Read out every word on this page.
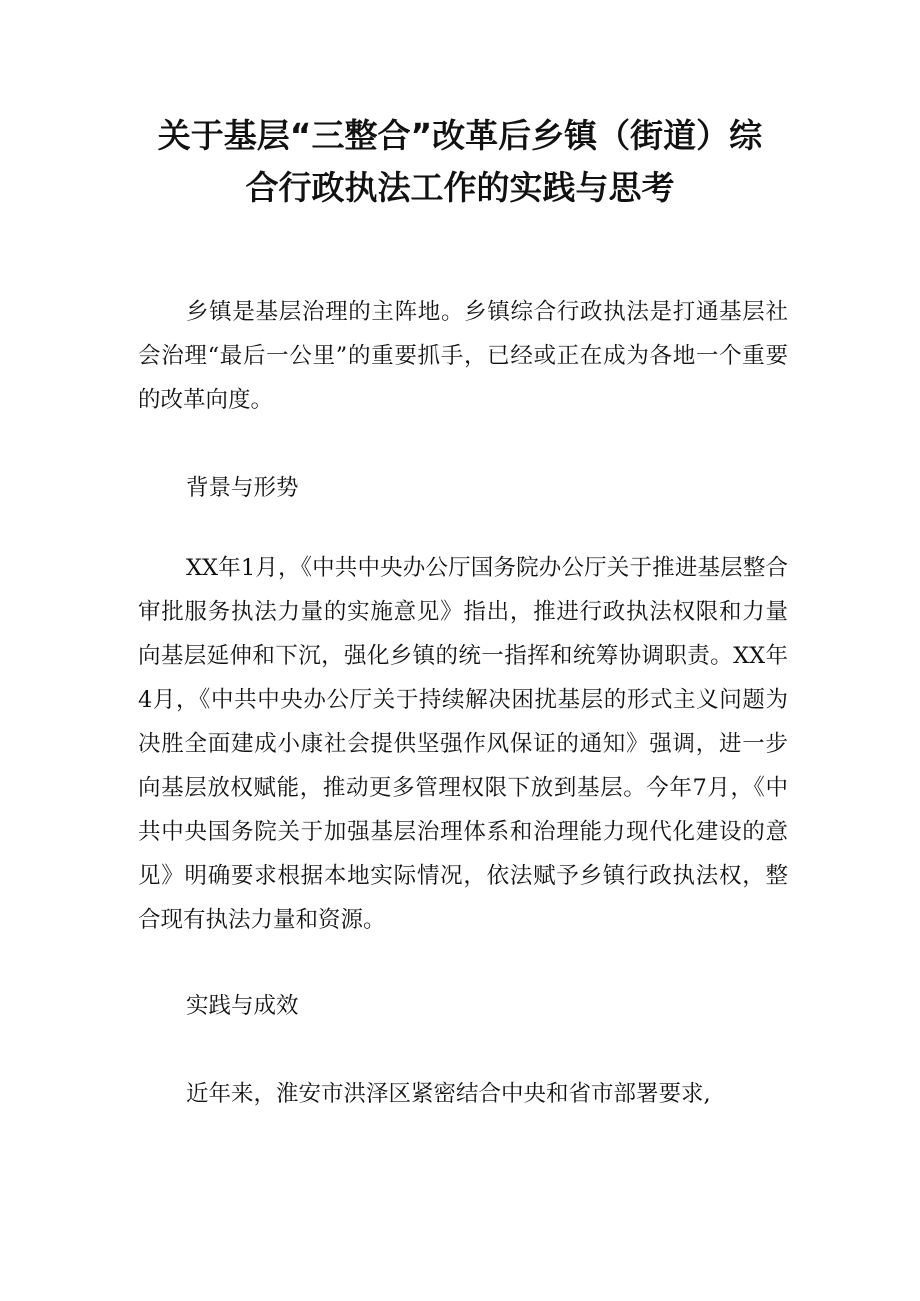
关于基层“三整合”改革后乡镇（街道）综
合行政执法工作的实践与思考

乡镇是基层治理的主阵地。乡镇综合行政执法是打通基层社会治理“最后一公里”的重要抓手，已经或正在成为各地一个重要的改革向度。

背景与形势

XX年1月，《中共中央办公厅国务院办公厅关于推进基层整合审批服务执法力量的实施意见》指出，推进行政执法权限和力量向基层延伸和下沉，强化乡镇的统一指挥和统筹协调职责。XX年4月，《中共中央办公厅关于持续解决困扰基层的形式主义问题为决胜全面建成小康社会提供坚强作风保证的通知》强调，进一步向基层放权赋能，推动更多管理权限下放到基层。今年7月，《中共中央国务院关于加强基层治理体系和治理能力现代化建设的意见》明确要求根据本地实际情况，依法赋予乡镇行政执法权，整合现有执法力量和资源。

实践与成效

近年来，淮安市洪泽区紧密结合中央和省市部署要求,
